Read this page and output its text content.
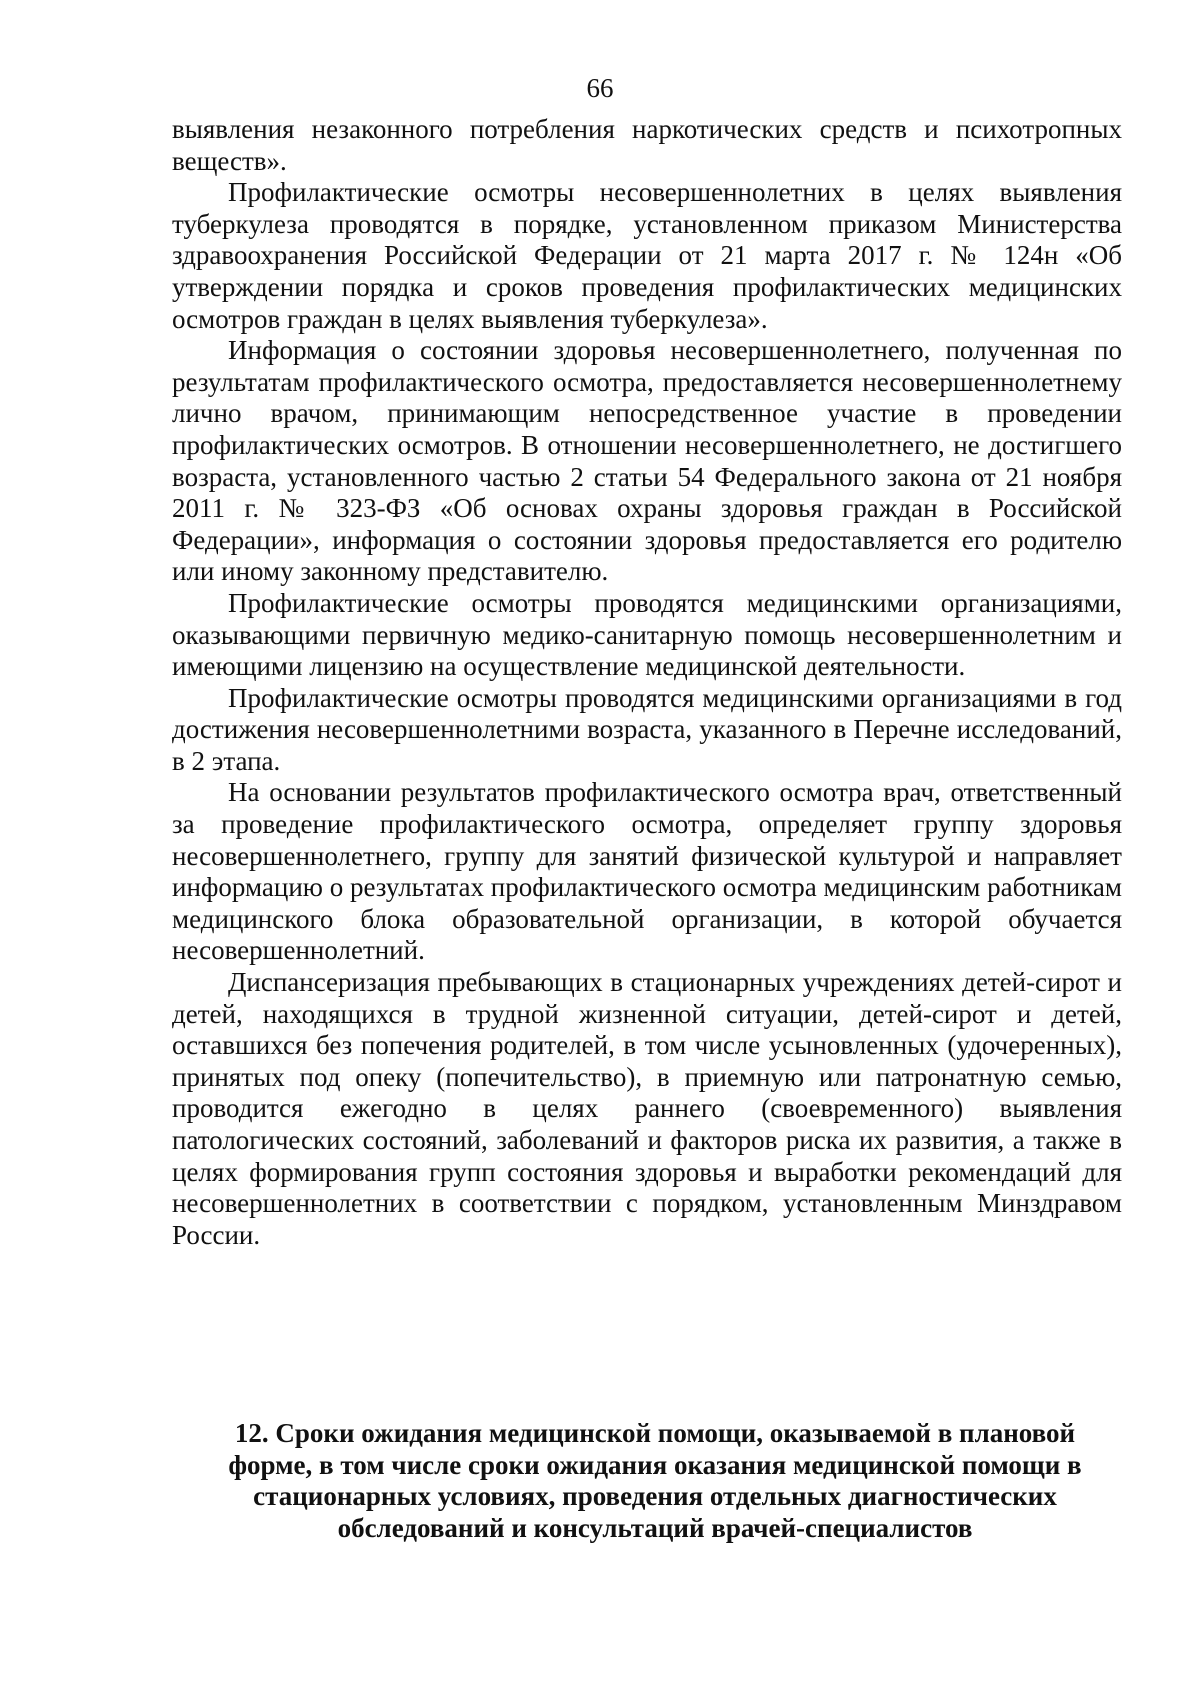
66

выявления незаконного потребления наркотических средств и психотропных веществ».

Профилактические осмотры несовершеннолетних в целях выявления туберкулеза проводятся в порядке, установленном приказом Министерства здравоохранения Российской Федерации от 21 марта 2017 г. № 124н «Об утверждении порядка и сроков проведения профилактических медицинских осмотров граждан в целях выявления туберкулеза».

Информация о состоянии здоровья несовершеннолетнего, полученная по результатам профилактического осмотра, предоставляется несовершеннолетнему лично врачом, принимающим непосредственное участие в проведении профилактических осмотров. В отношении несовершеннолетнего, не достигшего возраста, установленного частью 2 статьи 54 Федерального закона от 21 ноября 2011 г. № 323-ФЗ «Об основах охраны здоровья граждан в Российской Федерации», информация о состоянии здоровья предоставляется его родителю или иному законному представителю.

Профилактические осмотры проводятся медицинскими организациями, оказывающими первичную медико-санитарную помощь несовершеннолетним и имеющими лицензию на осуществление медицинской деятельности.

Профилактические осмотры проводятся медицинскими организациями в год достижения несовершеннолетними возраста, указанного в Перечне исследований, в 2 этапа.

На основании результатов профилактического осмотра врач, ответственный за проведение профилактического осмотра, определяет группу здоровья несовершеннолетнего, группу для занятий физической культурой и направляет информацию о результатах профилактического осмотра медицинским работникам медицинского блока образовательной организации, в которой обучается несовершеннолетний.

Диспансеризация пребывающих в стационарных учреждениях детей-сирот и детей, находящихся в трудной жизненной ситуации, детей-сирот и детей, оставшихся без попечения родителей, в том числе усыновленных (удочеренных), принятых под опеку (попечительство), в приемную или патронатную семью, проводится ежегодно в целях раннего (своевременного) выявления патологических состояний, заболеваний и факторов риска их развития, а также в целях формирования групп состояния здоровья и выработки рекомендаций для несовершеннолетних в соответствии с порядком, установленным Минздравом России.

12. Сроки ожидания медицинской помощи, оказываемой в плановой форме, в том числе сроки ожидания оказания медицинской помощи в стационарных условиях, проведения отдельных диагностических обследований и консультаций врачей-специалистов
